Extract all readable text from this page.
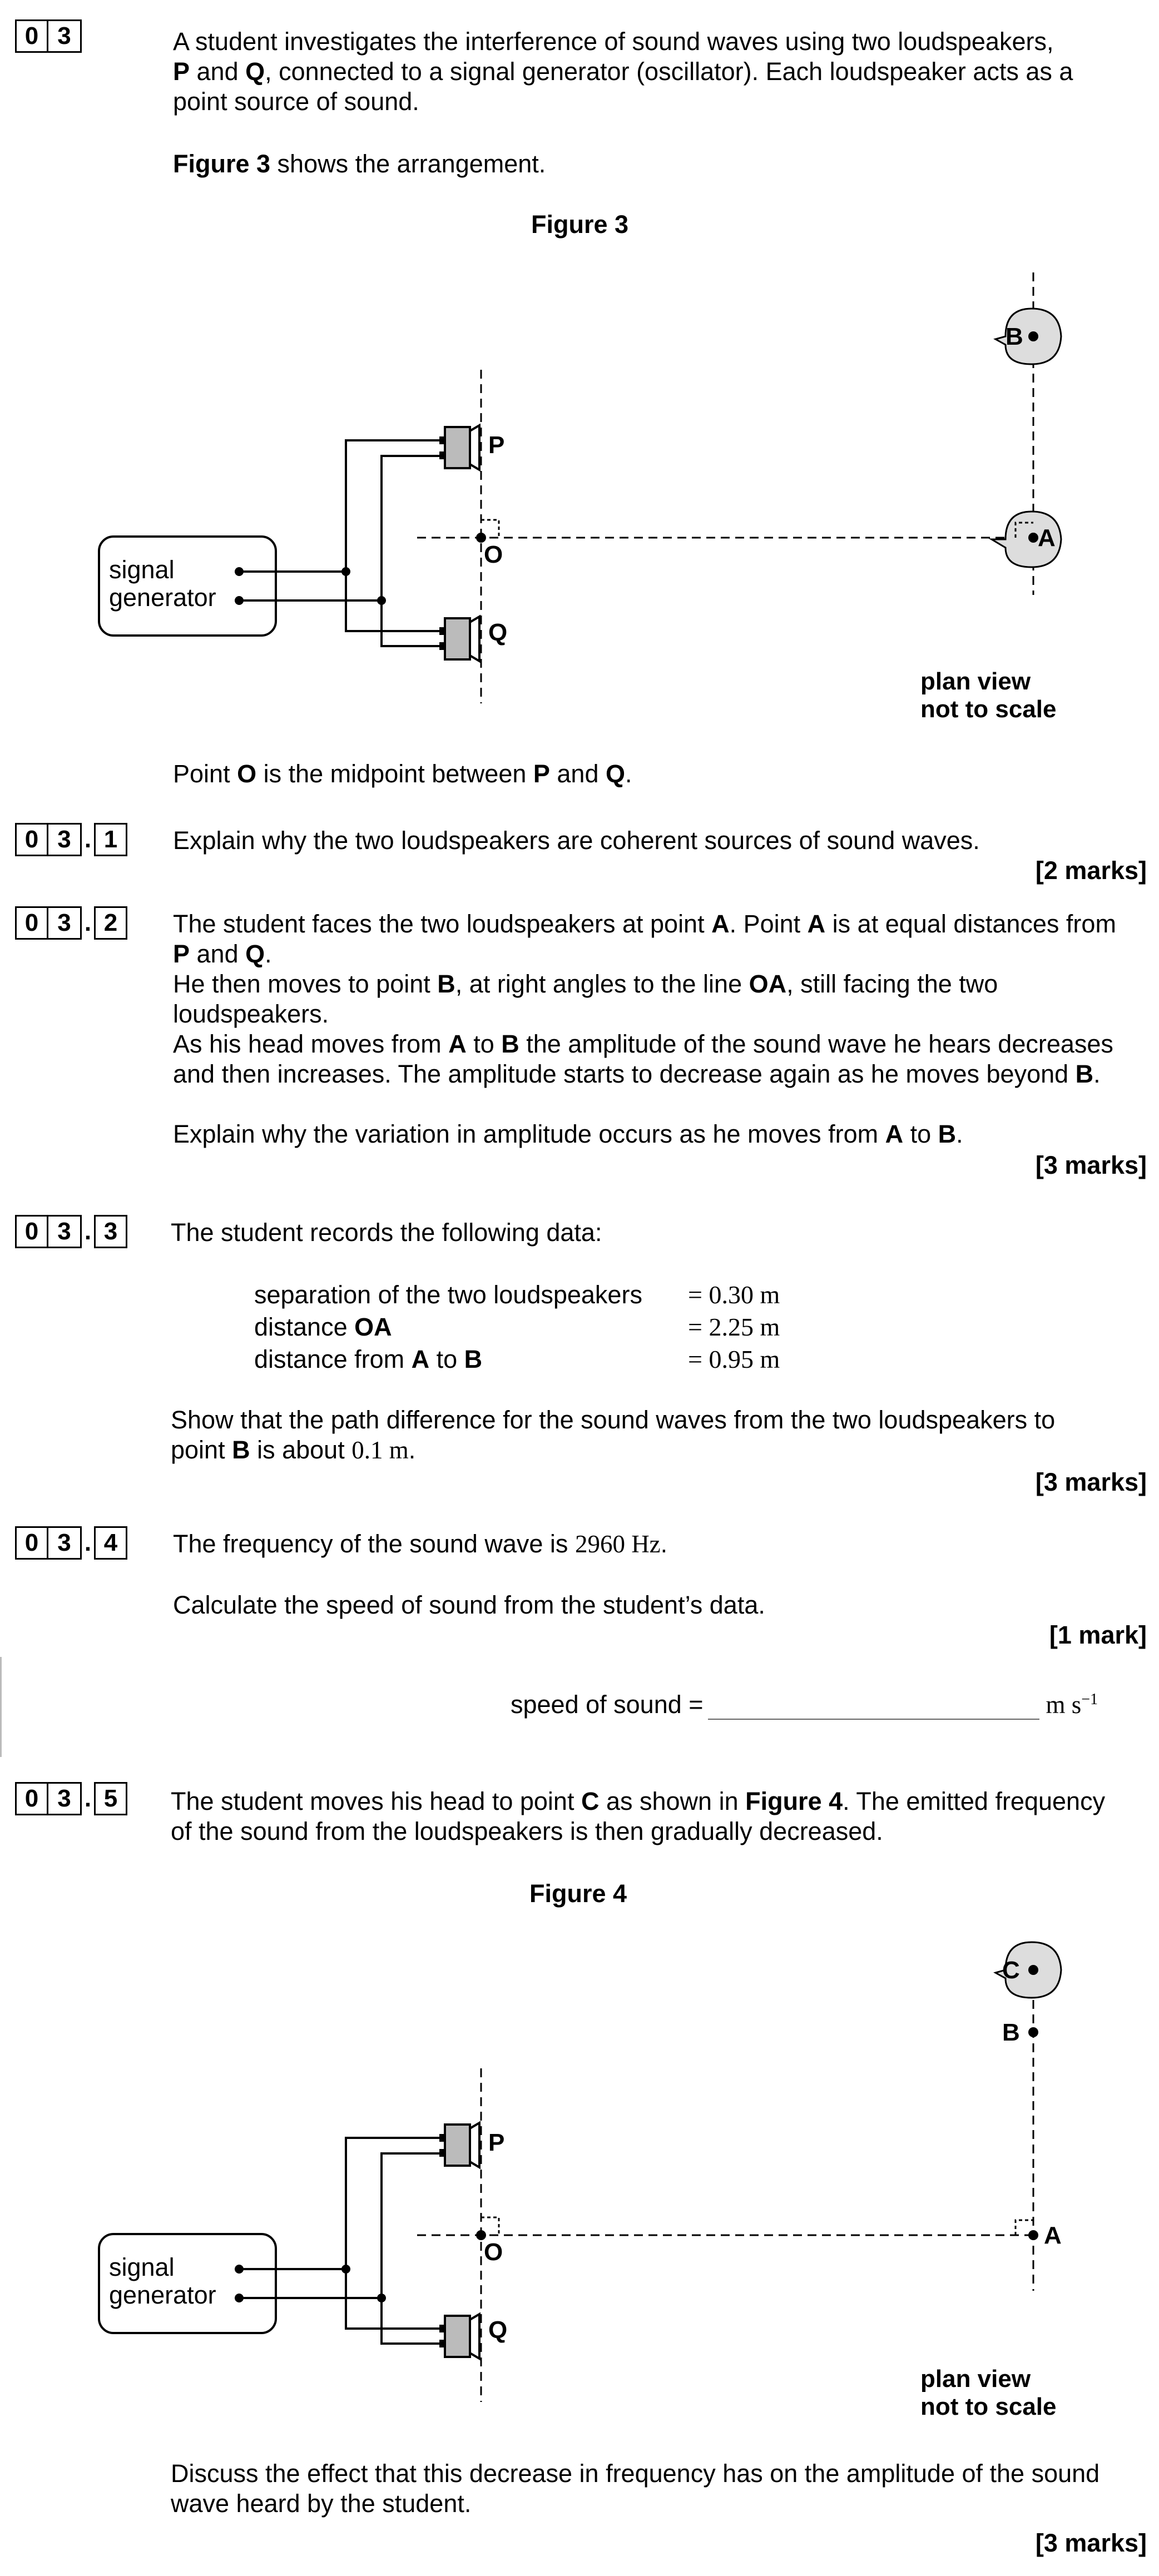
0 3	A student investigates the interference of sound waves using two loudspeakers,
P and Q, connected to a signal generator (oscillator). Each loudspeaker acts as a
point source of sound.
Figure 3 shows the arrangement.
Figure 3
signal
generator
P
Q
O
B
A
plan view
not to scale
Point O is the midpoint between P and Q.
0 3 . 1	Explain why the two loudspeakers are coherent sources of sound waves.
[2 marks]
0 3 . 2	The student faces the two loudspeakers at point A. Point A is at equal distances from
P and Q.
He then moves to point B, at right angles to the line OA, still facing the two
loudspeakers.
As his head moves from A to B the amplitude of the sound wave he hears decreases
and then increases. The amplitude starts to decrease again as he moves beyond B.
Explain why the variation in amplitude occurs as he moves from A to B.
[3 marks]
0 3 . 3	The student records the following data:
separation of the two loudspeakers	= 0.30 m
distance OA	= 2.25 m
distance from A to B	= 0.95 m
Show that the path difference for the sound waves from the two loudspeakers to
point B is about 0.1 m.
[3 marks]
0 3 . 4	The frequency of the sound wave is 2960 Hz.
Calculate the speed of sound from the student’s data.
[1 mark]
speed of sound =	m $s^{-1}$
0 3 . 5	The student moves his head to point C as shown in Figure 4. The emitted frequency
of the sound from the loudspeakers is then gradually decreased.
Figure 4
signal
generator
P
Q
O
A
B
C
plan view
not to scale
Discuss the effect that this decrease in frequency has on the amplitude of the sound
wave heard by the student.
[3 marks]
